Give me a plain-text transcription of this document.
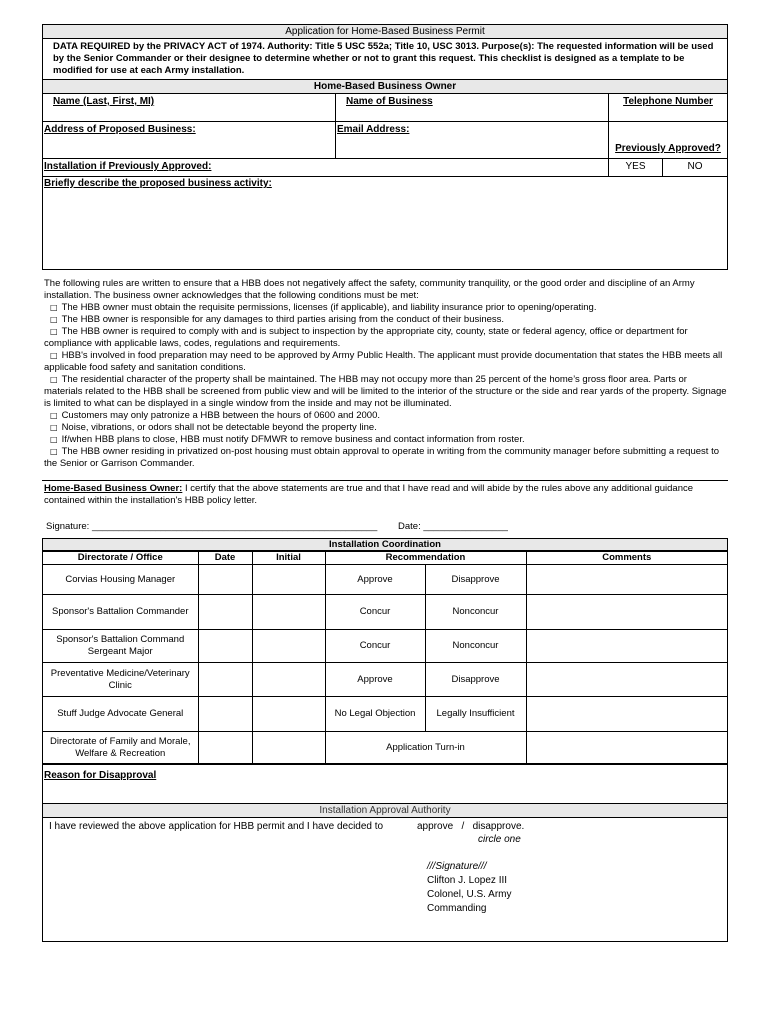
Application for Home-Based Business Permit
DATA REQUIRED by the PRIVACY ACT of 1974. Authority: Title 5 USC 552a; Title 10, USC 3013. Purpose(s): The requested information will be used by the Senior Commander or their designee to determine whether or not to grant this request. This checklist is designed as a template to be modified for use at each Army installation.
Home-Based Business Owner
Name (Last, First, MI)	Name of Business	Telephone Number
Address of Proposed Business:	Email Address:
Previously Approved?
Installation if Previously Approved:	YES	NO
Briefly describe the proposed business activity:

The following rules are written to ensure that a HBB does not negatively affect the safety, community tranquility, or the good order and discipline of an Army installation. The business owner acknowledges that the following conditions must be met:

□ The HBB owner must obtain the requisite permissions, licenses (if applicable), and liability insurance prior to opening/operating.

□ The HBB owner is responsible for any damages to third parties arising from the conduct of their business.

□ The HBB owner is required to comply with and is subject to inspection by the appropriate city, county, state or federal agency, office or department for compliance with applicable laws, codes, regulations and requirements.

□ HBB's involved in food preparation may need to be approved by Army Public Health. The applicant must provide documentation that states the HBB meets all applicable food safety and sanitation conditions.

□ The residential character of the property shall be maintained. The HBB may not occupy more than 25 percent of the home’s gross floor area. Parts or materials related to the HBB shall be screened from public view and will be limited to the interior of the structure or the side and rear yards of the property. Signage is limited to what can be displayed in a single window from the inside and may not be illuminated.

□ Customers may only patronize a HBB between the hours of 0600 and 2000.

□ Noise, vibrations, or odors shall not be detectable beyond the property line.

□ If/when HBB plans to close, HBB must notify DFMWR to remove business and contact information from roster.

□ The HBB owner residing in privatized on-post housing must obtain approval to operate in writing from the community manager before submitting a request to the Senior or Garrison Commander.

Home-Based Business Owner: I certify that the above statements are true and that I have read and will abide by the rules above any additional guidance contained within the installation's HBB policy letter.
Signature: ______________________________________________________	Date: ________________
Installation Coordination
Directorate / Office	Date	Initial	Recommendation		Comments
Corvias Housing Manager			Approve	Disapprove	
Sponsor's Battalion Commander			Concur	Nonconcur	
Sponsor's Battalion Command Sergeant Major			Concur	Nonconcur	
Preventative Medicine/Veterinary Clinic			Approve	Disapprove	
Stuff Judge Advocate General			No Legal Objection	Legally Insufficient	
Directorate of Family and Morale, Welfare & Recreation			Application Turn-in		
Reason for Disapproval
Installation Approval Authority
I have reviewed the above application for HBB permit and I have decided to	approve   /   disapprove.
circle one
///Signature///
Clifton J. Lopez III
Colonel, U.S. Army
Commanding
